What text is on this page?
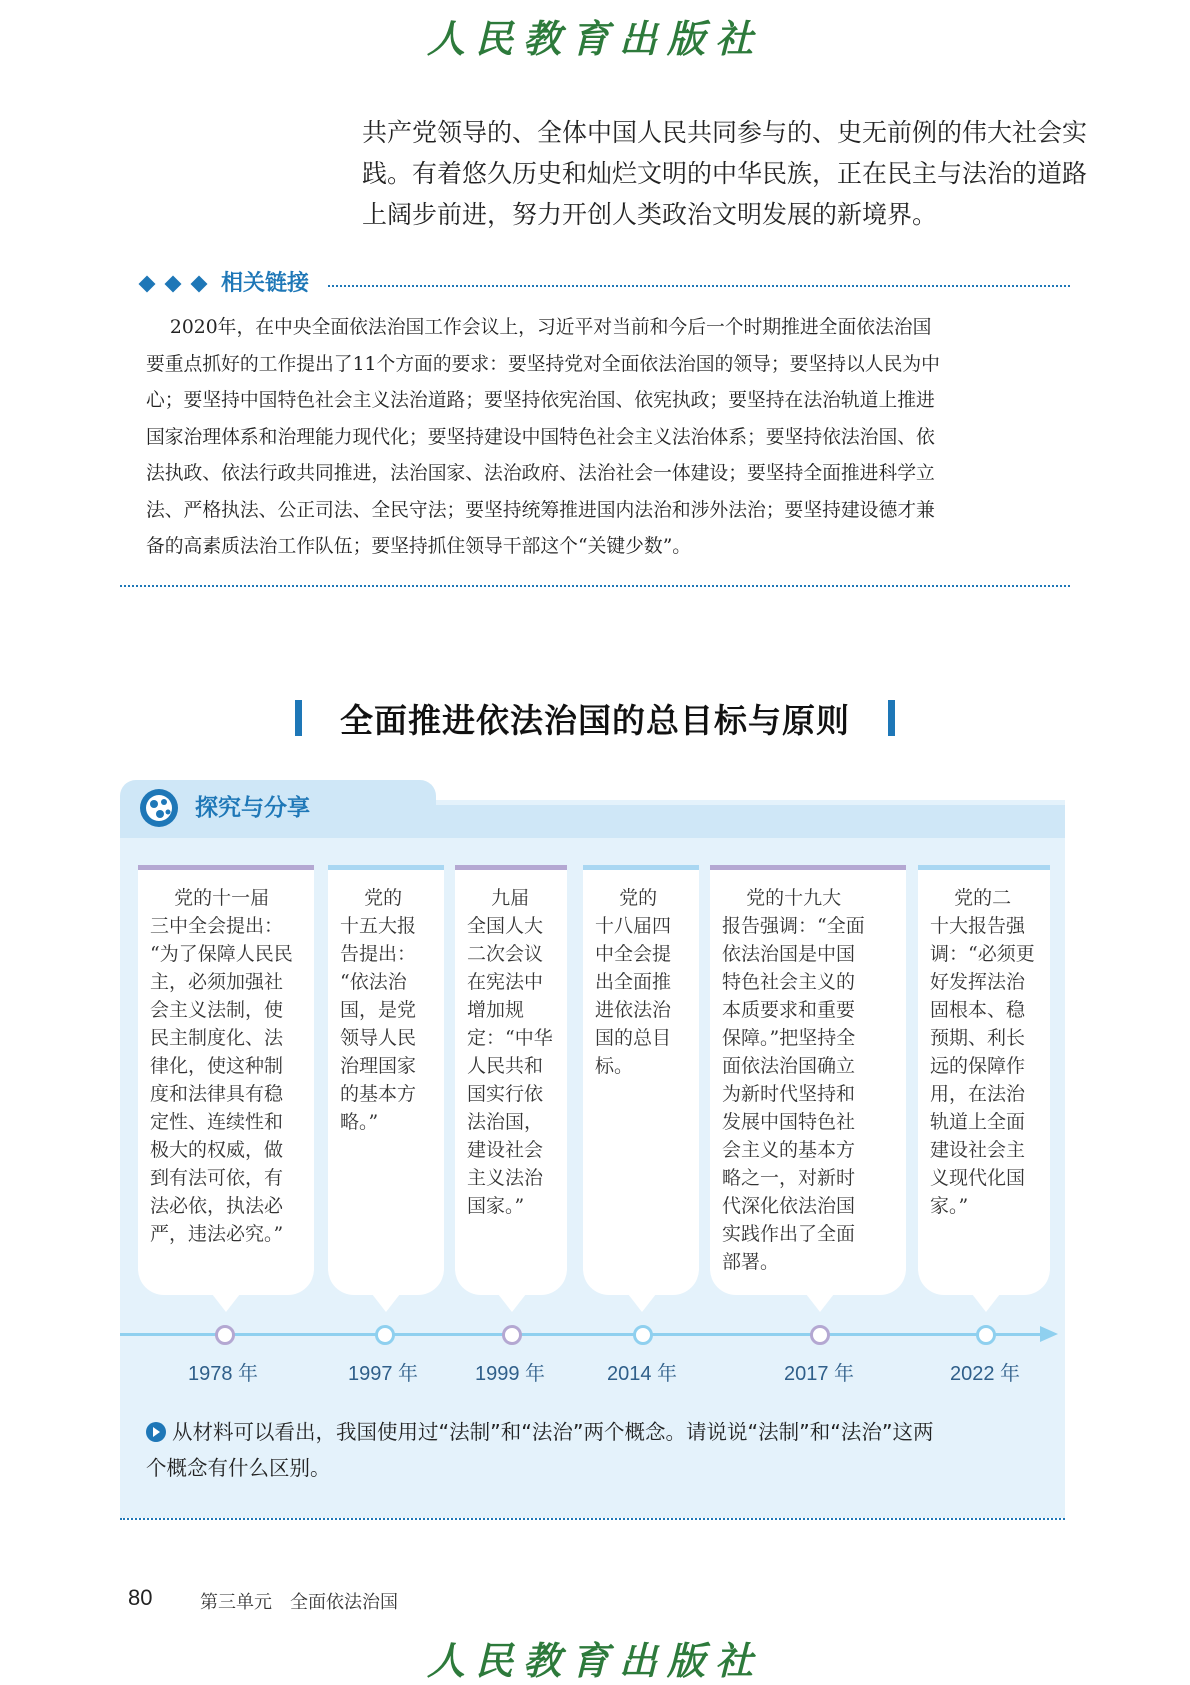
人民教育出版社
共产党领导的、全体中国人民共同参与的、史无前例的伟大社会实
践。有着悠久历史和灿烂文明的中华民族，正在民主与法治的道路
上阔步前进，努力开创人类政治文明发展的新境界。
相关链接
2020年，在中央全面依法治国工作会议上，习近平对当前和今后一个时期推进全面依法治国
要重点抓好的工作提出了11个方面的要求：要坚持党对全面依法治国的领导；要坚持以人民为中
心；要坚持中国特色社会主义法治道路；要坚持依宪治国、依宪执政；要坚持在法治轨道上推进
国家治理体系和治理能力现代化；要坚持建设中国特色社会主义法治体系；要坚持依法治国、依
法执政、依法行政共同推进，法治国家、法治政府、法治社会一体建设；要坚持全面推进科学立
法、严格执法、公正司法、全民守法；要坚持统筹推进国内法治和涉外法治；要坚持建设德才兼
备的高素质法治工作队伍；要坚持抓住领导干部这个“关键少数”。
全面推进依法治国的总目标与原则
探究与分享
党的十一届
三中全会提出：
“为了保障人民民
主，必须加强社
会主义法制，使
民主制度化、法
律化，使这种制
度和法律具有稳
定性、连续性和
极大的权威，做
到有法可依，有
法必依，执法必
严，违法必究。”
党的
十五大报
告提出：
“依法治
国，是党
领导人民
治理国家
的基本方
略。”
九届
全国人大
二次会议
在宪法中
增加规
定：“中华
人民共和
国实行依
法治国，
建设社会
主义法治
国家。”
党的
十八届四
中全会提
出全面推
进依法治
国的总目
标。
党的十九大
报告强调：“全面
依法治国是中国
特色社会主义的
本质要求和重要
保障。”把坚持全
面依法治国确立
为新时代坚持和
发展中国特色社
会主义的基本方
略之一，对新时
代深化依法治国
实践作出了全面
部署。
党的二
十大报告强
调：“必须更
好发挥法治
固根本、稳
预期、利长
远的保障作
用，在法治
轨道上全面
建设社会主
义现代化国
家。”
1978 年	1997 年	1999 年	2014 年	2017 年	2022 年
从材料可以看出，我国使用过“法制”和“法治”两个概念。请说说“法制”和“法治”这两
个概念有什么区别。
80	第三单元　全面依法治国
人民教育出版社
